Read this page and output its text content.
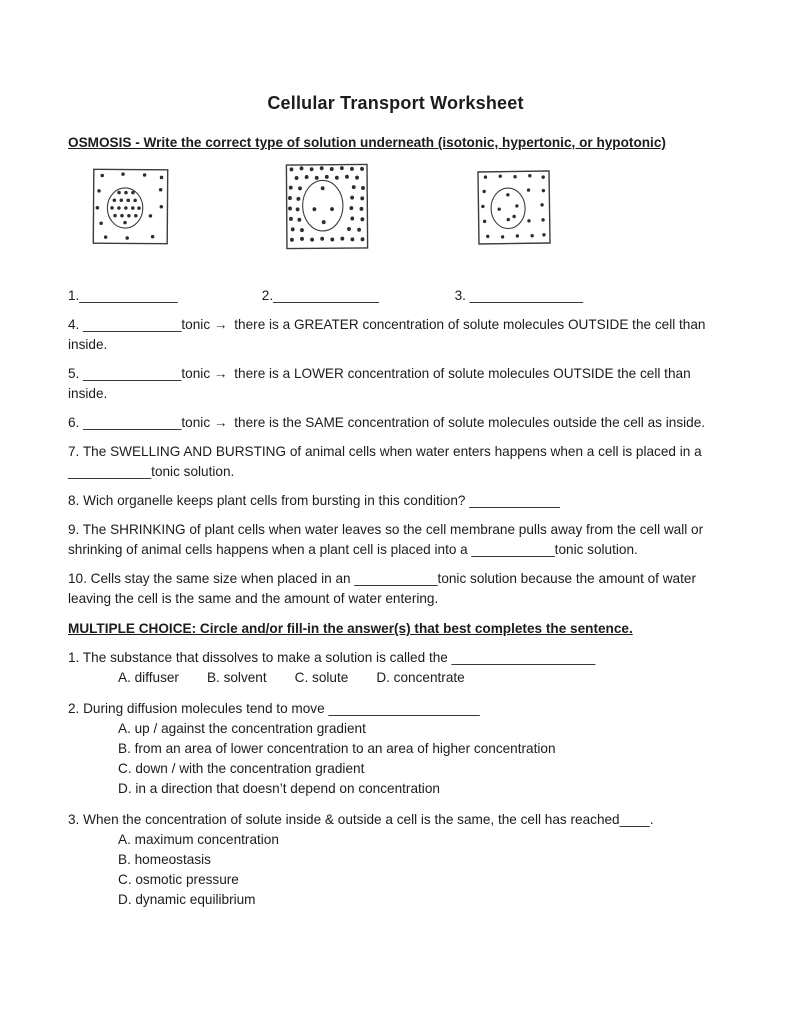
Cellular Transport Worksheet
OSMOSIS - Write the correct type of solution underneath (isotonic, hypertonic, or hypotonic)
1._____________	2.______________	3. _______________

4. _____________tonic → there is a GREATER concentration of solute molecules OUTSIDE the cell than inside.

5. _____________tonic → there is a LOWER concentration of solute molecules OUTSIDE the cell than inside.

6. _____________tonic → there is the SAME concentration of solute molecules outside the cell as inside.

7. The SWELLING AND BURSTING of animal cells when water enters happens when a cell is placed in a ___________tonic solution.

8. Wich organelle keeps plant cells from bursting in this condition? ____________

9. The SHRINKING of plant cells when water leaves so the cell membrane pulls away from the cell wall or shrinking of animal cells happens when a plant cell is placed into a ___________tonic solution.

10. Cells stay the same size when placed in an ___________tonic solution because the amount of water leaving the cell is the same and the amount of water entering.

MULTIPLE CHOICE: Circle and/or fill-in the answer(s) that best completes the sentence.

1. The substance that dissolves to make a solution is called the ___________________

A. diffuser B. solvent C. solute D. concentrate

2. During diffusion molecules tend to move ____________________

A. up / against the concentration gradient
B. from an area of lower concentration to an area of higher concentration
C. down / with the concentration gradient
D. in a direction that doesn’t depend on concentration

3. When the concentration of solute inside & outside a cell is the same, the cell has reached____.

A. maximum concentration
B. homeostasis
C. osmotic pressure
D. dynamic equilibrium
